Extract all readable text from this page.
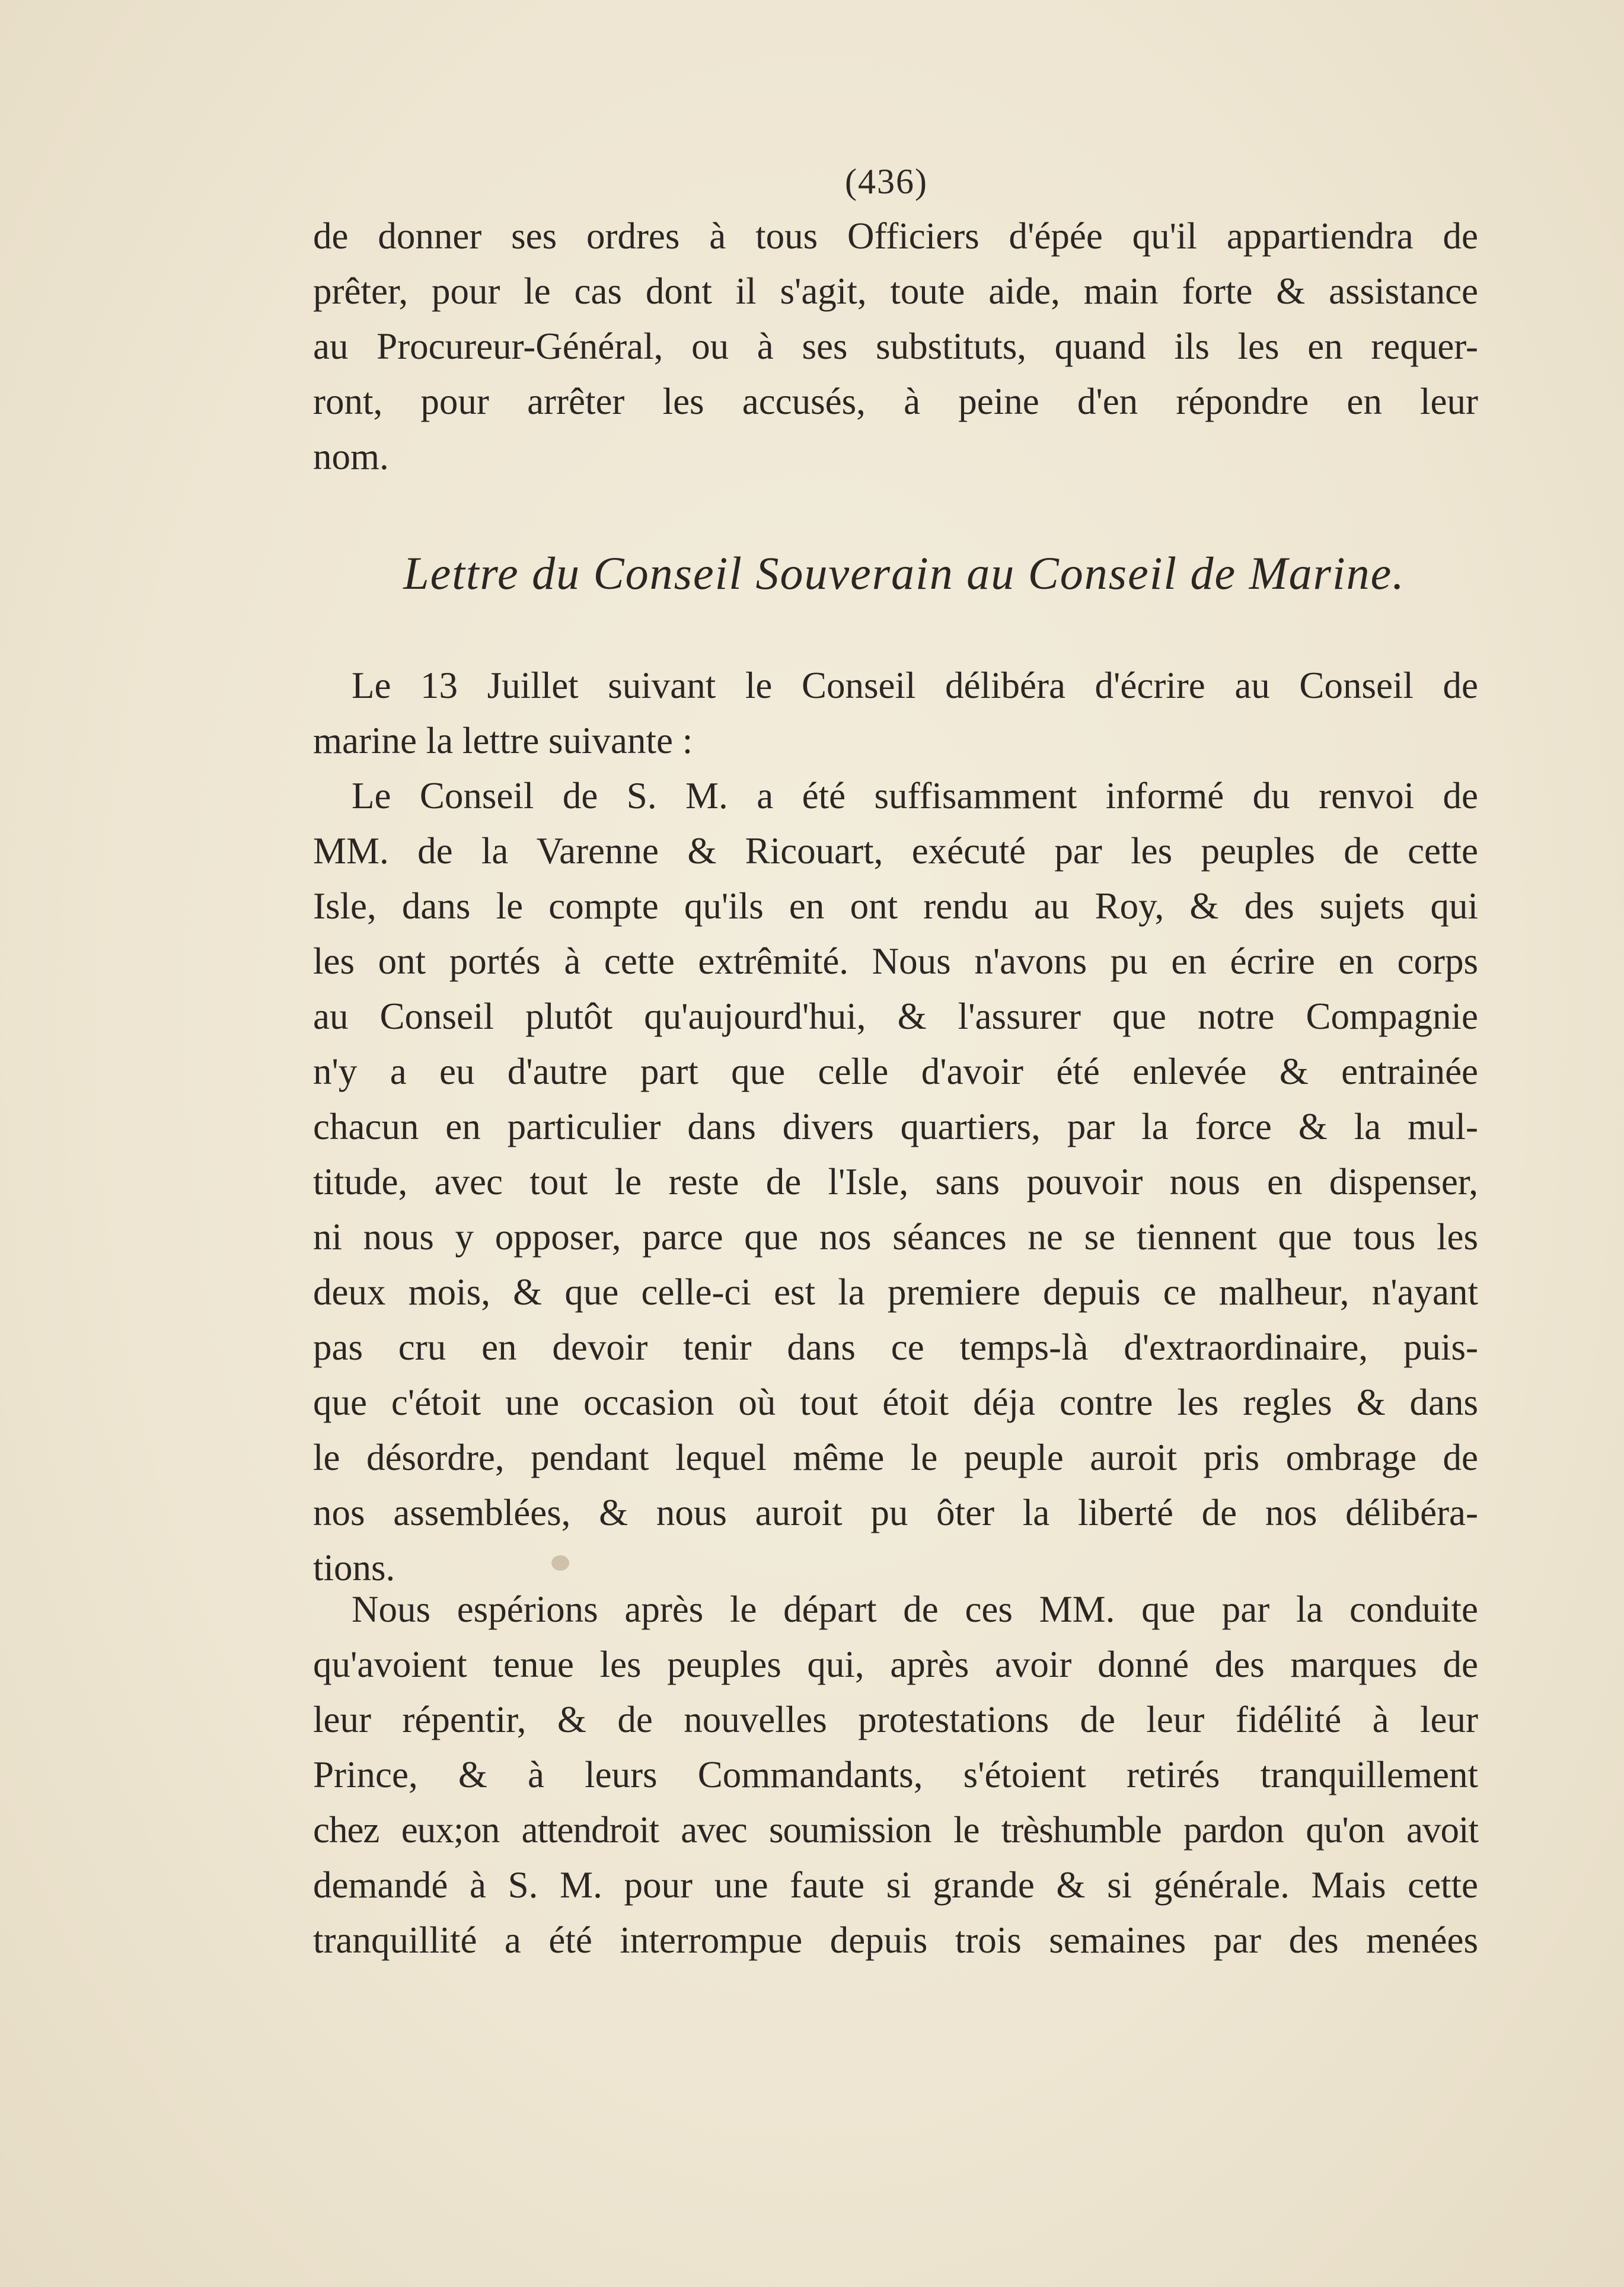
(436)
de donner ses ordres à tous Officiers d'épée qu'il appartiendra de
prêter, pour le cas dont il s'agit, toute aide, main forte & assistance
au Procureur-Général, ou à ses substituts, quand ils les en requer-
ront, pour arrêter les accusés, à peine d'en répondre en leur
nom.
Lettre du Conseil Souverain au Conseil de Marine.
Le 13 Juillet suivant le Conseil délibéra d'écrire au Conseil de
marine la lettre suivante :
Le Conseil de S. M. a été suffisamment informé du renvoi de
MM. de la Varenne & Ricouart, exécuté par les peuples de cette
Isle, dans le compte qu'ils en ont rendu au Roy, & des sujets qui
les ont portés à cette extrêmité. Nous n'avons pu en écrire en corps
au Conseil plutôt qu'aujourd'hui, & l'assurer que notre Compagnie
n'y a eu d'autre part que celle d'avoir été enlevée & entrainée
chacun en particulier dans divers quartiers, par la force & la mul-
titude, avec tout le reste de l'Isle, sans pouvoir nous en dispenser,
ni nous y opposer, parce que nos séances ne se tiennent que tous les
deux mois, & que celle-ci est la premiere depuis ce malheur, n'ayant
pas cru en devoir tenir dans ce temps-là d'extraordinaire, puis-
que c'étoit une occasion où tout étoit déja contre les regles & dans
le désordre, pendant lequel même le peuple auroit pris ombrage de
nos assemblées, & nous auroit pu ôter la liberté de nos délibéra-
tions.
Nous espérions après le départ de ces MM. que par la conduite
qu'avoient tenue les peuples qui, après avoir donné des marques de
leur répentir, & de nouvelles protestations de leur fidélité à leur
Prince, & à leurs Commandants, s'étoient retirés tranquillement
chez eux;on attendroit avec soumission le trèshumble pardon qu'on avoit
demandé à S. M. pour une faute si grande & si générale. Mais cette
tranquillité a été interrompue depuis trois semaines par des menées
